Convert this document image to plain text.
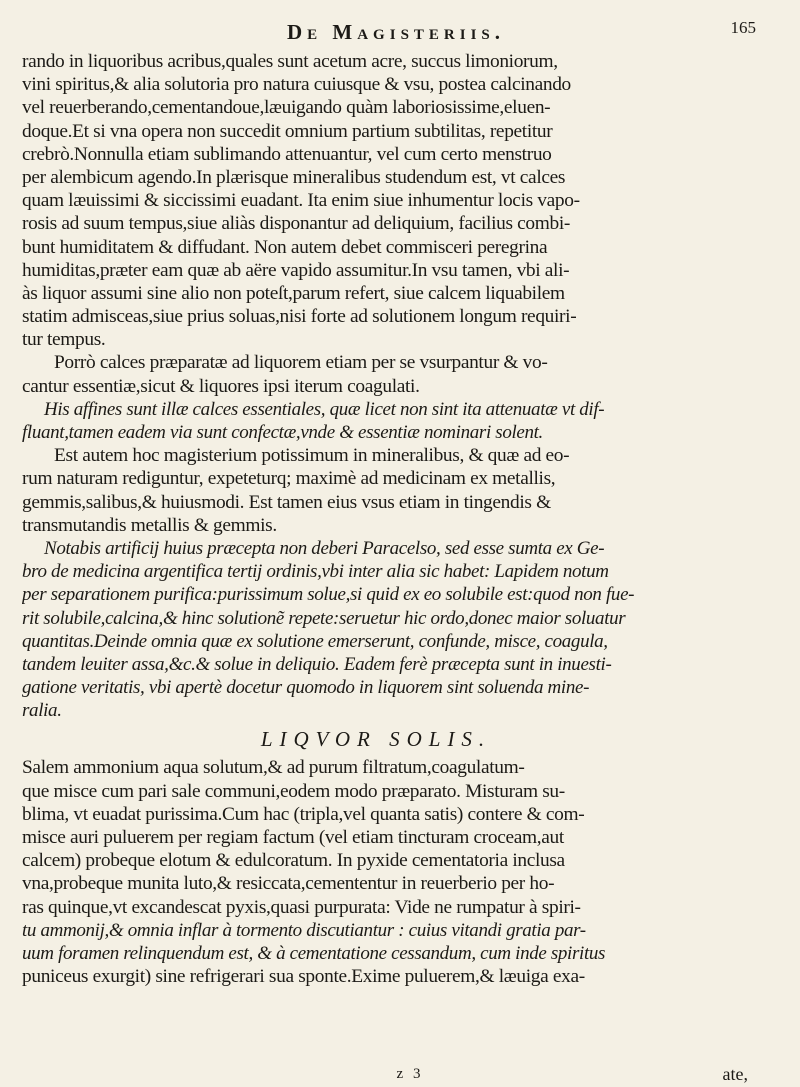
De Magisteriis.	165
rando in liquoribus acribus,quales sunt acetum acre, succus limoniorum,
vini spiritus,& alia solutoria pro natura cuiusque & vsu, postea calcinando
vel reuerberando,cementandoue,læuigando quàm laboriosissime,eluen-
doque.Et si vna opera non succedit omnium partium subtilitas, repetitur
crebrò.Nonnulla etiam sublimando attenuantur, vel cum certo menstruo
per alembicum agendo.In plærisque mineralibus studendum est, vt calces
quam læuissimi & siccissimi euadant. Ita enim siue inhumentur locis vapo-
rosis ad suum tempus,siue aliàs disponantur ad deliquium, facilius combi-
bunt humiditatem & diffudant. Non autem debet commisceri peregrina
humiditas,præter eam quæ ab aëre vapido assumitur.In vsu tamen, vbi ali-
às liquor assumi sine alio non poteſt,parum refert, siue calcem liquabilem
statim admisceas,siue prius soluas,nisi forte ad solutionem longum requiri-
tur tempus.
Porrò calces præparatæ ad liquorem etiam per se vsurpantur & vo-
cantur essentiæ,sicut & liquores ipsi iterum coagulati.
His affines sunt illæ calces essentiales, quæ licet non sint ita attenuatæ vt dif-
fluant,tamen eadem via sunt confectæ,vnde & essentiæ nominari solent.
Est autem hoc magisterium potissimum in mineralibus, & quæ ad eo-
rum naturam rediguntur, expeteturq; maximè ad medicinam ex metallis,
gemmis,salibus,& huiusmodi. Est tamen eius vsus etiam in tingendis &
transmutandis metallis & gemmis.
Notabis artificij huius præcepta non deberi Paracelso, sed esse sumta ex Ge-
bro de medicina argentifica tertij ordinis,vbi inter alia sic habet: Lapidem notum
per separationem purifica:purissimum solue,si quid ex eo solubile est:quod non fue-
rit solubile,calcina,& hinc solutionẽ repete:seruetur hic ordo,donec maior soluatur
quantitas.Deinde omnia quæ ex solutione emerserunt, confunde, misce, coagula,
tandem leuiter assa,&c.& solue in deliquio. Eadem ferè præcepta sunt in inuesti-
gatione veritatis, vbi apertè docetur quomodo in liquorem sint soluenda mine-
ralia.
LIQVOR SOLIS.
Salem ammonium aqua solutum,& ad purum filtratum,coagulatum-
que misce cum pari sale communi,eodem modo præparato. Misturam su-
blima, vt euadat purissima.Cum hac (tripla,vel quanta satis) contere & com-
misce auri puluerem per regiam factum (vel etiam tincturam croceam,aut
calcem) probeque elotum & edulcoratum. In pyxide cementatoria inclusa
vna,probeque munita luto,& resiccata,cemententur in reuerberio per ho-
ras quinque,vt excandescat pyxis,quasi purpurata: Vide ne rumpatur à spiri-
tu ammonij,& omnia inflar à tormento discutiantur : cuius vitandi gratia par-
uum foramen relinquendum est, & à cementatione cessandum, cum inde spiritus
puniceus exurgit) sine refrigerari sua sponte.Exime puluerem,& læuiga exa-
z 3	ate,
